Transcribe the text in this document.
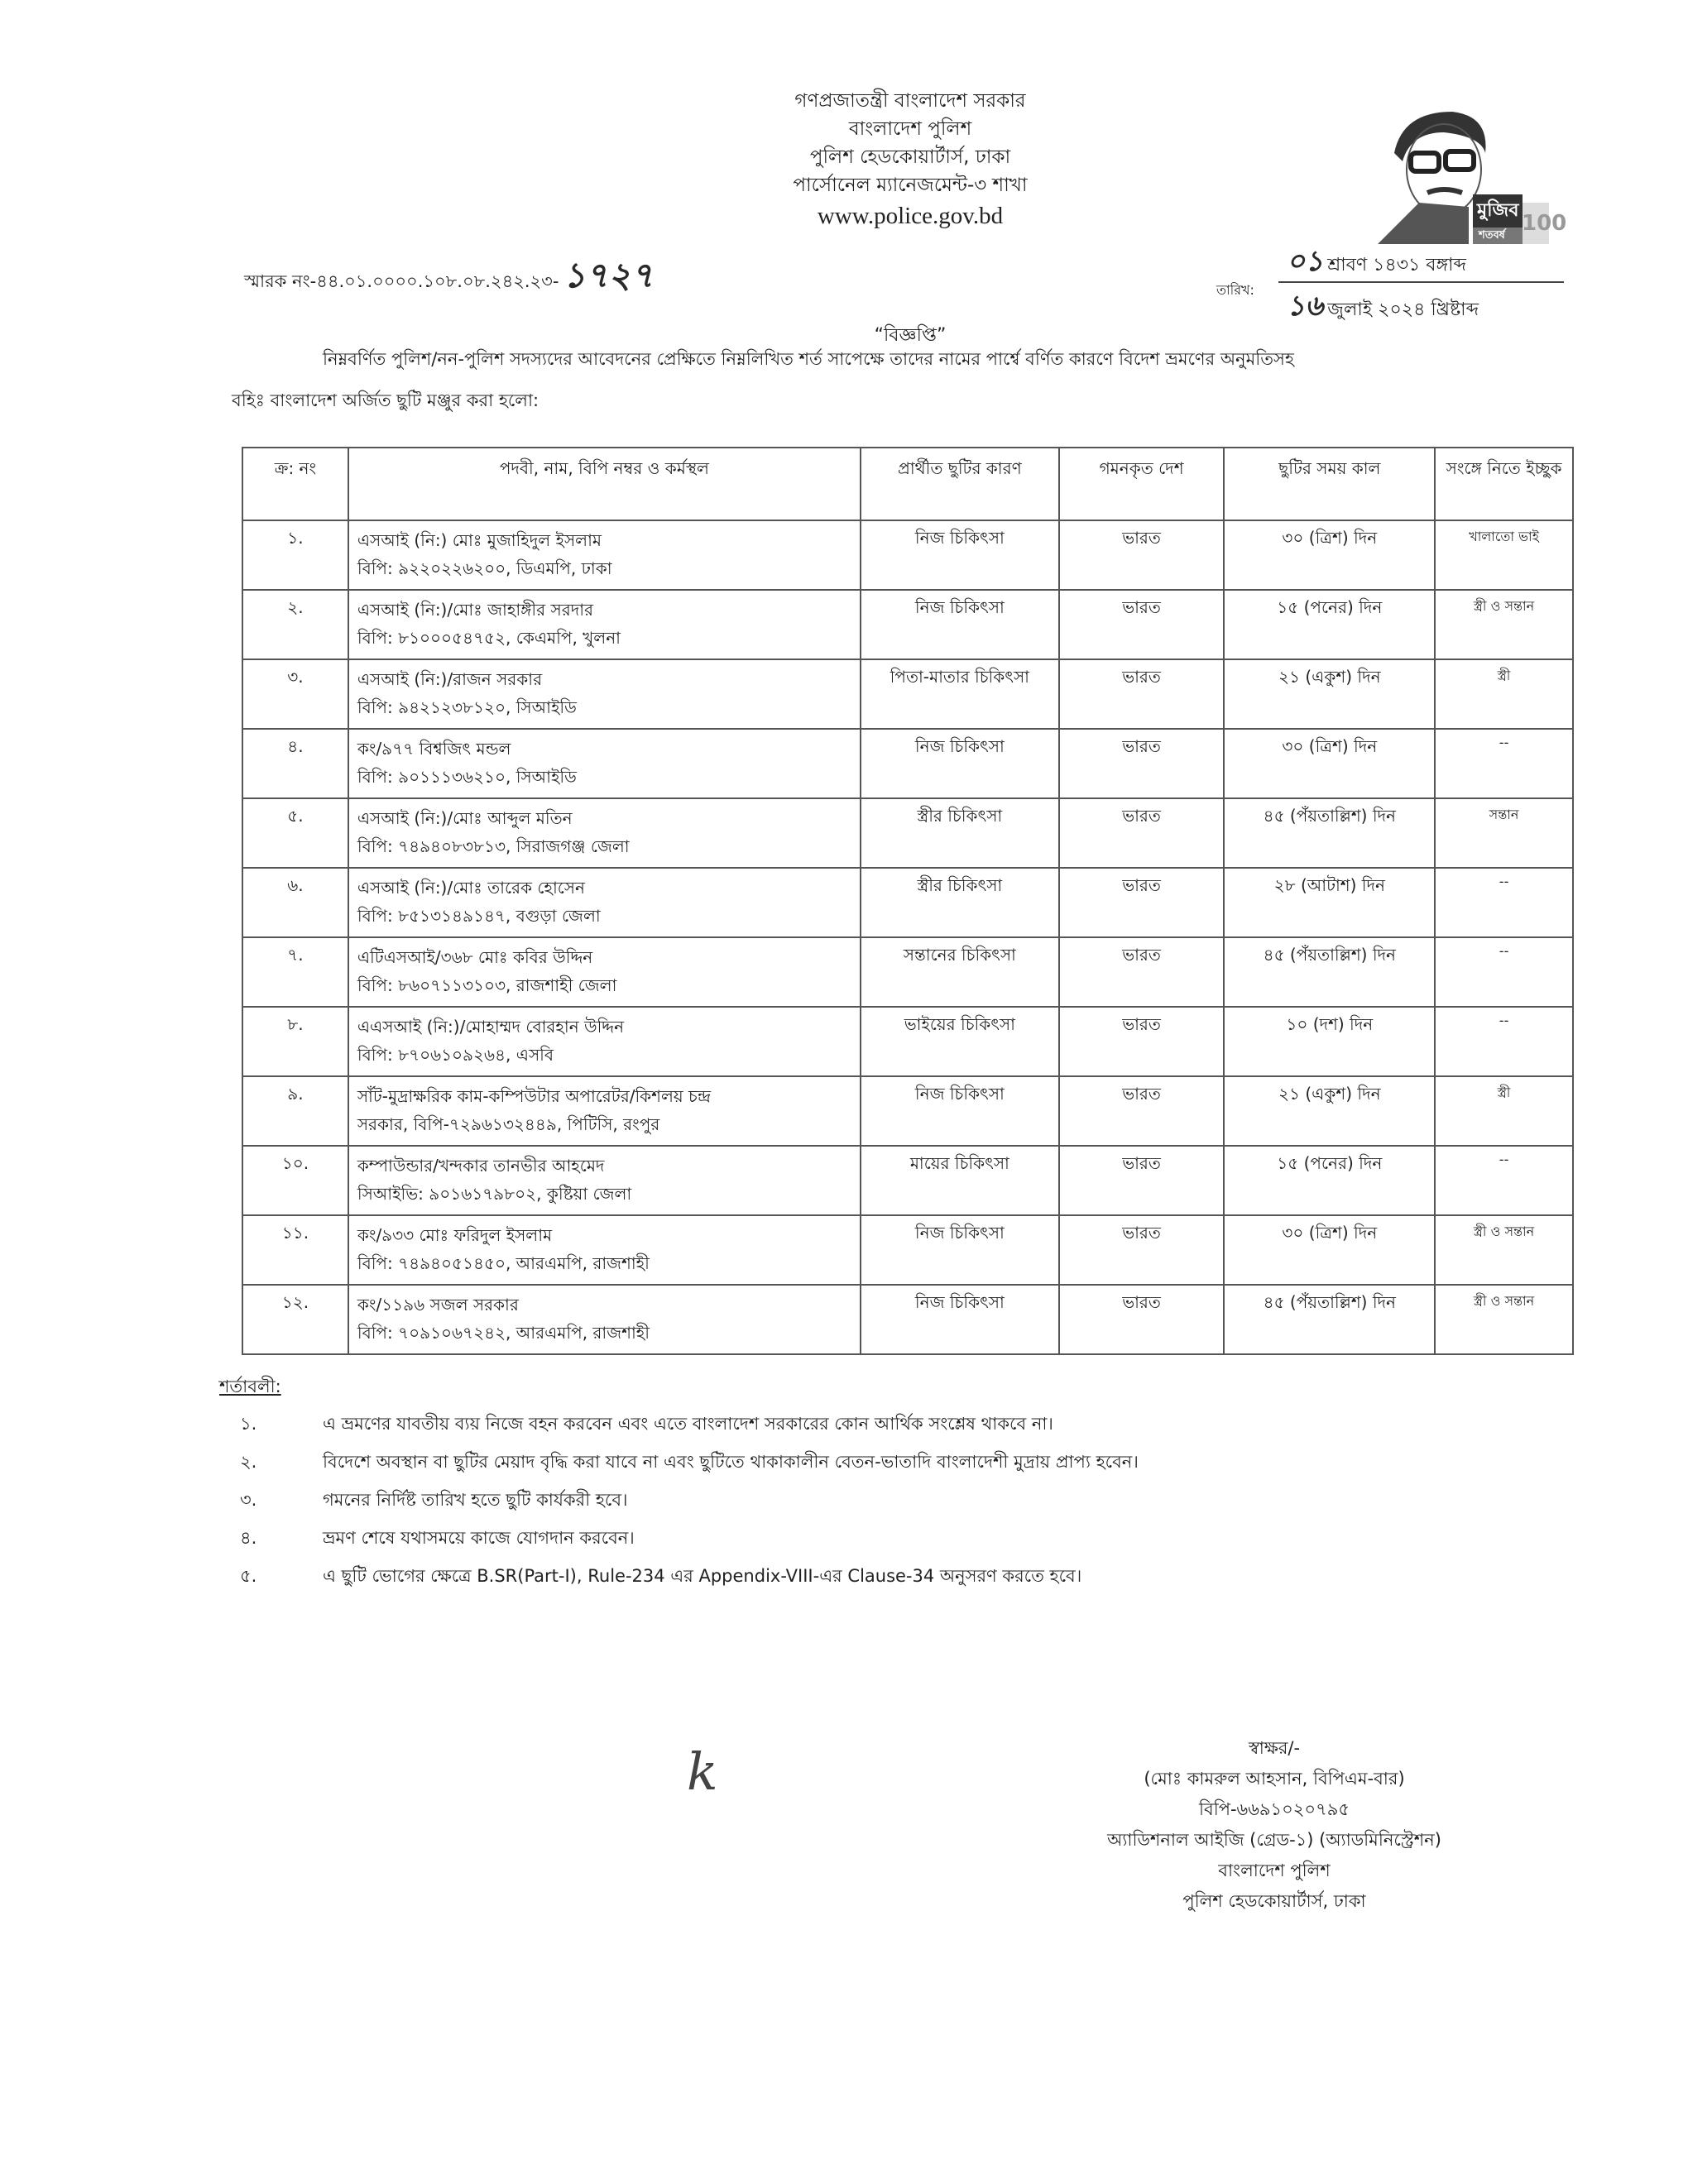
গণপ্রজাতন্ত্রী বাংলাদেশ সরকার
বাংলাদেশ পুলিশ
পুলিশ হেডকোয়ার্টার্স, ঢাকা
পার্সোনেল ম্যানেজমেন্ট-৩ শাখা
www.police.gov.bd	মুজিব
শতবর্ষ 100
স্মারক নং-৪৪.০১.০০০০.১০৮.০৮.২৪২.২৩- ১৭২৭	তারিখ:
০১ শ্রাবণ ১৪৩১ বঙ্গাব্দ
১৬ জুলাই ২০২৪ খ্রিষ্টাব্দ
“বিজ্ঞপ্তি”
নিম্নবর্ণিত পুলিশ/নন-পুলিশ সদস্যদের আবেদনের প্রেক্ষিতে নিম্নলিখিত শর্ত সাপেক্ষে তাদের নামের পার্শ্বে বর্ণিত কারণে বিদেশ ভ্রমণের অনুমতিসহ
বহিঃ বাংলাদেশ অর্জিত ছুটি মঞ্জুর করা হলো:
ক্র: নং	পদবী, নাম, বিপি নম্বর ও কর্মস্থল	প্রার্থীত ছুটির কারণ	গমনকৃত দেশ	ছুটির সময় কাল	সংঙ্গে নিতে ইচ্ছুক
১.	এসআই (নি:) মোঃ মুজাহিদুল ইসলাম
বিপি: ৯২২০২২৬২০০, ডিএমপি, ঢাকা	নিজ চিকিৎসা	ভারত	৩০ (ত্রিশ) দিন	খালাতো ভাই
২.	এসআই (নি:)/মোঃ জাহাঙ্গীর সরদার
বিপি: ৮১০০০৫৪৭৫২, কেএমপি, খুলনা	নিজ চিকিৎসা	ভারত	১৫ (পনের) দিন	স্ত্রী ও সন্তান
৩.	এসআই (নি:)/রাজন সরকার
বিপি: ৯৪২১২৩৮১২০, সিআইডি	পিতা-মাতার চিকিৎসা	ভারত	২১ (একুশ) দিন	স্ত্রী
৪.	কং/৯৭৭ বিশ্বজিৎ মন্ডল
বিপি: ৯০১১১৩৬২১০, সিআইডি	নিজ চিকিৎসা	ভারত	৩০ (ত্রিশ) দিন	--
৫.	এসআই (নি:)/মোঃ আব্দুল মতিন
বিপি: ৭৪৯৪০৮৩৮১৩, সিরাজগঞ্জ জেলা	স্ত্রীর চিকিৎসা	ভারত	৪৫ (পঁয়তাল্লিশ) দিন	সন্তান
৬.	এসআই (নি:)/মোঃ তারেক হোসেন
বিপি: ৮৫১৩১৪৯১৪৭, বগুড়া জেলা	স্ত্রীর চিকিৎসা	ভারত	২৮ (আটাশ) দিন	--
৭.	এটিএসআই/৩৬৮ মোঃ কবির উদ্দিন
বিপি: ৮৬০৭১১৩১০৩, রাজশাহী জেলা	সন্তানের চিকিৎসা	ভারত	৪৫ (পঁয়তাল্লিশ) দিন	--
৮.	এএসআই (নি:)/মোহাম্মদ বোরহান উদ্দিন
বিপি: ৮৭০৬১০৯২৬৪, এসবি	ভাইয়ের চিকিৎসা	ভারত	১০ (দশ) দিন	--
৯.	সাঁট-মুদ্রাক্ষরিক কাম-কম্পিউটার অপারেটর/কিশলয় চন্দ্র
সরকার, বিপি-৭২৯৬১৩২৪৪৯, পিটিসি, রংপুর	নিজ চিকিৎসা	ভারত	২১ (একুশ) দিন	স্ত্রী
১০.	কম্পাউন্ডার/খন্দকার তানভীর আহমেদ
সিআইভি: ৯০১৬১৭৯৮০২, কুষ্টিয়া জেলা	মায়ের চিকিৎসা	ভারত	১৫ (পনের) দিন	--
১১.	কং/৯৩৩ মোঃ ফরিদুল ইসলাম
বিপি: ৭৪৯৪০৫১৪৫০, আরএমপি, রাজশাহী	নিজ চিকিৎসা	ভারত	৩০ (ত্রিশ) দিন	স্ত্রী ও সন্তান
১২.	কং/১১৯৬ সজল সরকার
বিপি: ৭০৯১০৬৭২৪২, আরএমপি, রাজশাহী	নিজ চিকিৎসা	ভারত	৪৫ (পঁয়তাল্লিশ) দিন	স্ত্রী ও সন্তান
শর্তাবলী:
১.	এ ভ্রমণের যাবতীয় ব্যয় নিজে বহন করবেন এবং এতে বাংলাদেশ সরকারের কোন আর্থিক সংশ্লেষ থাকবে না।
২.	বিদেশে অবস্থান বা ছুটির মেয়াদ বৃদ্ধি করা যাবে না এবং ছুটিতে থাকাকালীন বেতন-ভাতাদি বাংলাদেশী মুদ্রায় প্রাপ্য হবেন।
৩.	গমনের নির্দিষ্ট তারিখ হতে ছুটি কার্যকরী হবে।
৪.	ভ্রমণ শেষে যথাসময়ে কাজে যোগদান করবেন।
৫.	এ ছুটি ভোগের ক্ষেত্রে B.SR(Part-I), Rule-234 এর Appendix-VIII-এর Clause-34 অনুসরণ করতে হবে।
k	স্বাক্ষর/-
(মোঃ কামরুল আহসান, বিপিএম-বার)
বিপি-৬৬৯১০২০৭৯৫
অ্যাডিশনাল আইজি (গ্রেড-১) (অ্যাডমিনিস্ট্রেশন)
বাংলাদেশ পুলিশ
পুলিশ হেডকোয়ার্টার্স, ঢাকা
